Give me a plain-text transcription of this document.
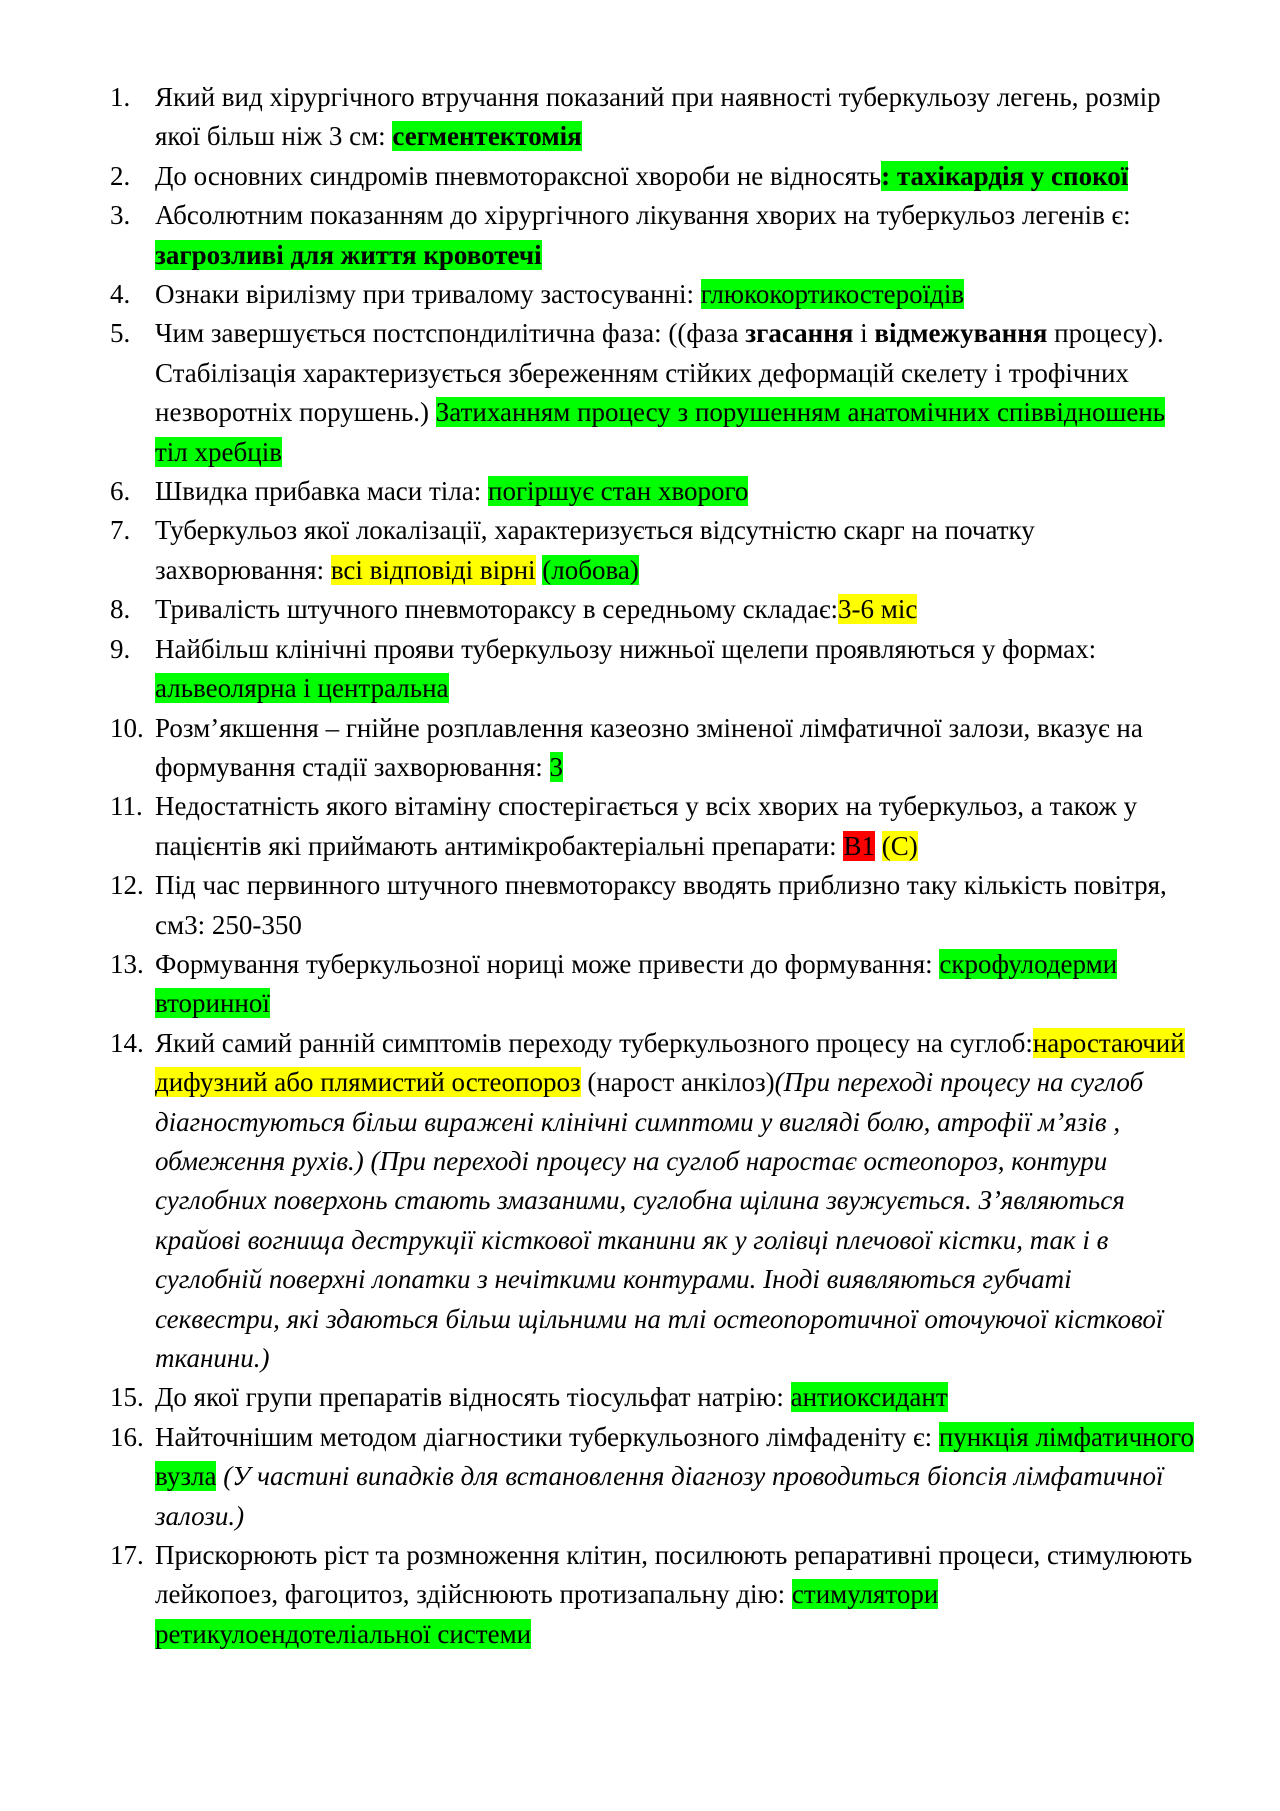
1. Який вид хірургічного втручання показаний при наявності туберкульозу легень, розмір якої більш ніж 3 см: сегментектомія
2. До основних синдромів пневмотораксної хвороби не відносять: тахікардія у спокої
3. Абсолютним показанням до хірургічного лікування хворих на туберкульоз легенів є: загрозливі для життя кровотечі
4. Ознаки вірилізму при тривалому застосуванні: глюкокортикостероїдів
5. Чим завершується постспондилітична фаза: ((фаза згасання і відмежування процесу). Стабілізація характеризується збереженням стійких деформацій скелету і трофічних незворотніх порушень.) Затиханням процесу з порушенням анатомічних співвідношень тіл хребців
6. Швидка прибавка маси тіла: погіршує стан хворого
7. Туберкульоз якої локалізації, характеризується відсутністю скарг на початку захворювання: всі відповіді вірні (лобова)
8. Тривалість штучного пневмотораксу в середньому складає:3-6 міс
9. Найбільш клінічні прояви туберкульозу нижньої щелепи проявляються у формах: альвеолярна і центральна
10. Розм’якшення – гнійне розплавлення казеозно зміненої лімфатичної залози, вказує на формування стадії захворювання: 3
11. Недостатність якого вітаміну спостерігається у всіх хворих на туберкульоз, а також у пацієнтів які приймають антимікробактеріальні препарати: В1 (С)
12. Під час первинного штучного пневмотораксу вводять приблизно таку кількість повітря, см3: 250-350
13. Формування туберкульозної нориці може привести до формування: скрофулодерми вторинної
14. Який самий ранній симптомів переходу туберкульозного процесу на суглоб:наростаючий дифузний або плямистий остеопороз (нарост анкілоз)(При переході процесу на суглоб діагностуються більш виражені клінічні симптоми у вигляді болю, атрофії м’язів , обмеження рухів.) (При переході процесу на суглоб наростає остеопороз, контури суглобних поверхонь стають змазаними, суглобна щілина звужується. З’являються крайові вогнища деструкції кісткової тканини як у голівці плечової кістки, так і в суглобній поверхні лопатки з нечіткими контурами. Іноді виявляються губчаті секвестри, які здаються більш щільними на тлі остеопоротичної оточуючої кісткової тканини.)
15. До якої групи препаратів відносять тіосульфат натрію: антиоксидант
16. Найточнішим методом діагностики туберкульозного лімфаденіту є: пункція лімфатичного вузла (У частині випадків для встановлення діагнозу проводиться біопсія лімфатичної залози.)
17. Прискорюють ріст та розмноження клітин, посилюють репаративні процеси, стимулюють лейкопоез, фагоцитоз, здійснюють протизапальну дію: стимулятори ретикулоендотеліальної системи
